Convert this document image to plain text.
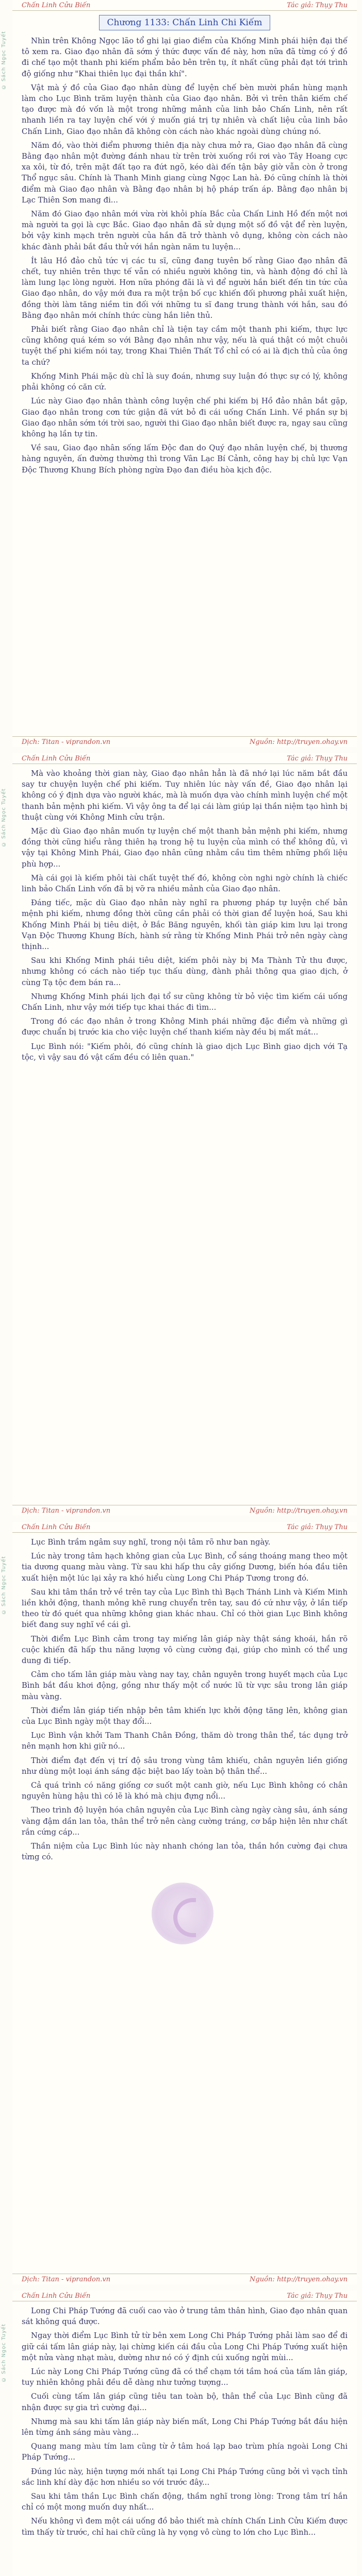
© Sách Ngọc Tuyết
© Sách Ngọc Tuyết
© Sách Ngọc Tuyết
© Sách Ngọc Tuyết
Chấn Linh Cửu Biến	Tác giả: Thụy Thu
Chương 1133: Chấn Linh Chi Kiếm

Nhìn trên Không Ngọc lão tổ ghi lại giao điểm của Khống Minh phái hiện đại thế tô xem ra. Giao đạo nhân đã sớm ý thức được vấn đề này, hơn nữa đã từng có ý đồ đi chế tạo một thanh phi kiếm phẩm bảo bên trên tụ, ít nhất cũng phải đạt tới trình độ giống như "Khai thiên lục đại thần khí".

Vật mà ý đồ của Giao đạo nhân dùng để luyện chế bèn mười phần hùng mạnh làm cho Lục Bình trăm luyện thành của Giao đạo nhân. Bởi vì trên thân kiếm chế tạo được mà đó vốn là một trong những mảnh của linh bảo Chấn Linh, nên rất nhanh liền ra tay luyện chế với ý muốn giá trị tự nhiên và chất liệu của linh bảo Chấn Linh, Giao đạo nhân đã không còn cách nào khác ngoài dùng chúng nó.

Năm đó, vào thời điểm phương thiên địa này chưa mở ra, Giao đạo nhân đã cùng Bằng đạo nhân một đường đánh nhau từ trên trời xuống rồi rơi vào Tây Hoang cực xa xôi, từ đó, trên mặt đất tạo ra đứt ngõ, kéo dài đến tận bây giờ vẫn còn ở trong Thổ ngục sâu. Chính là Thanh Minh giang cùng Ngọc Lan hà. Đó cũng chính là thời điểm mà Giao đạo nhân và Bằng đạo nhân bị hộ pháp trấn áp. Bằng đạo nhân bị Lạc Thiên Sơn mang đi...

Năm đó Giao đạo nhân mới vừa rời khỏi phía Bắc của Chấn Linh Hồ đến một nơi mà người ta gọi là cực Bắc. Giao đạo nhân đã sử dụng một số đồ vật để rèn luyện, bởi vậy kinh mạch trên người của hắn đã trở thành vô dụng, không còn cách nào khác đành phải bắt đầu thử với hắn ngàn năm tu luyện...

Ít lâu Hồ đảo chủ tức vị các tu sĩ, cũng đang tuyên bố rằng Giao đạo nhân đã chết, tuy nhiên trên thực tế vẫn có nhiều người không tin, và hành động đó chỉ là làm lung lạc lòng người. Hơn nữa phóng đãi là vì để người hắn biết đến tin tức của Giao đạo nhân, do vậy mới đưa ra một trận bố cục khiến đối phương phải xuất hiện, đồng thời làm tăng niềm tin đối với những tu sĩ đang trung thành với hắn, sau đó Bằng đạo nhân mới chính thức cùng hắn liên thủ.

Phải biết rằng Giao đạo nhân chỉ là tiện tay cầm một thanh phi kiếm, thực lực cũng không quá kém so với Bằng đạo nhân như vậy, nếu là quá thật có một chuôi tuyệt thế phi kiếm nói tay, trong Khai Thiên Thất Tổ chỉ có có ai là địch thủ của ông ta chứ?

Khống Minh Phái mặc dù chỉ là suy đoán, nhưng suy luận đó thực sự có lý, không phải không có căn cứ.

Lúc này Giao đạo nhân thành công luyện chế phi kiếm bị Hồ đảo nhân bắt gặp, Giao đạo nhân trong cơn tức giận đã vứt bỏ đi cái uống Chấn Linh. Về phần sự bị Giao đạo nhân sớm tới trời sao, người thi Giao đạo nhân biết được ra, ngay sau cũng không hạ lần tự tin.

Về sau, Giao đạo nhân sống lấm Độc đan do Quý đạo nhân luyện chế, bị thương hàng nguyên, ấn đường thường thì trong Vân Lạc Bí Cảnh, công hay bị chủ lực Vạn Độc Thương Khung Bích phòng ngừa Đạo đan điều hòa kịch độc.

Dịch: Titan - viprandon.vn	Nguồn: http://truyen.ohay.vn
Chấn Linh Cửu Biến	Tác giả: Thụy Thu

Mà vào khoảng thời gian này, Giao đạo nhân hẳn là đã nhớ lại lúc năm bắt đầu say tư chuyện luyện chế phi kiếm. Tuy nhiên lúc này vấn đề, Giao đạo nhân lại không có ý định dựa vào người khác, mà là muốn dựa vào chính mình luyện chế một thanh bản mệnh phi kiếm. Vì vậy ông ta để lại cái làm giúp lại thần niệm tạo hình bị thuật cùng với Không Minh cửu trận.

Mặc dù Giao đạo nhân muốn tự luyện chế một thanh bản mệnh phi kiếm, nhưng đồng thời cũng hiểu rằng thiên hạ trong hệ tu luyện của mình có thể không đủ, vì vậy tại Không Minh Phái, Giao đạo nhân cũng nhằm cầu tìm thêm những phối liệu phù hợp...

Mà cái gọi là kiếm phôi tài chất tuyệt thế đó, không còn nghi ngờ chính là chiếc linh bảo Chấn Linh vốn đã bị vỡ ra nhiều mảnh của Giao đạo nhân.

Đáng tiếc, mặc dù Giao đạo nhân này nghĩ ra phương pháp tự luyện chế bản mệnh phi kiếm, nhưng đồng thời cũng cần phải có thời gian để luyện hoá, Sau khi Khống Minh Phái bị tiêu diệt, ở Bắc Băng nguyên, khối tàn giáp kim lưu lại trong Vạn Độc Thương Khung Bích, hành sứ rằng từ Khống Minh Phái trở nên ngày càng thịnh...

Sau khi Khống Minh phái tiêu diệt, kiếm phôi này bị Ma Thành Tử thu được, nhưng không có cách nào tiếp tục thấu dùng, đành phải thông qua giao dịch, ở cùng Tạ tộc đem bán ra...

Nhưng Khống Minh phái lịch đại tổ sư cũng không từ bỏ việc tìm kiếm cái uống Chấn Linh, như vậy mới tiếp tục khai thác đi tìm...

Trong đó các đạo nhân ở trong Không Minh phái những đặc điểm và những gì được chuẩn bị trước kia cho việc luyện chế thanh kiếm này đều bị mất mát...

Lục Bình nói: "Kiếm phôi, đó cũng chính là giao dịch Lục Bình giao dịch với Tạ tộc, vì vậy sau đó vật cấm đều có liên quan."

Dịch: Titan - viprandon.vn	Nguồn: http://truyen.ohay.vn
Chấn Linh Cửu Biến	Tác giả: Thụy Thu

Lục Bình trầm ngâm suy nghĩ, trong nội tâm rõ như ban ngày.

Lúc này trong tâm hạch không gian của Lục Bình, cổ sáng thoáng mang theo một tia dương quang màu vàng. Từ sau khi hấp thu cây giống Dương, biến hóa đầu tiên xuất hiện một lúc lại xảy ra khó hiểu cùng Long Chi Pháp Tương trong đó.

Sau khi tâm thần trở về trên tay của Lục Bình thì Bạch Thánh Linh và Kiếm Minh liền khởi động, thanh mỏng khẽ rung chuyển trên tay, sau đó cứ như vậy, ở lần tiếp theo từ đó quét qua những không gian khác nhau. Chỉ có thời gian Lục Bình không biết đang suy nghĩ về cái gì.

Thời điểm Lục Bình cảm trong tay miếng lân giáp này thật sáng khoái, hắn rõ cuộc khiến đã hấp thu năng lượng vô cùng cường đại, giúp cho mình có thể ung dung đi tiếp.

Cảm cho tấm lân giáp màu vàng nay tay, chân nguyên trong huyết mạch của Lục Bình bắt đầu khơi động, gồng như thấy một cổ nước lũ từ vực sâu trong lân giáp màu vàng.

Thời điểm lân giáp tiến nhập bên tâm khiến lực khởi động tăng lên, không gian của Lục Bình ngày một thay đổi...

Lục Bình vận khởi Tam Thanh Chân Đồng, thăm dò trong thân thể, tác dụng trở nên mạnh hơn khi giữ nó...

Thời điểm đạt đến vị trí độ sâu trong vùng tâm khiếu, chân nguyên liền giống như dùng một loại ánh sáng đặc biệt bao lấy toàn bộ thân thể...

Cả quá trình có năng giống cơ suốt một canh giờ, nếu Lục Bình không có chân nguyên hùng hậu thì có lẽ là khó mà chịu đựng nổi...

Theo trình độ luyện hóa chân nguyên của Lục Bình càng ngày càng sâu, ánh sáng vàng đậm dần lan tỏa, thân thể trở nên càng cường tráng, cơ bắp hiện lên như chất rắn cứng cáp...

Thần niệm của Lục Bình lúc này nhanh chóng lan tỏa, thần hồn cường đại chưa từng có.

Dịch: Titan - viprandon.vn	Nguồn: http://truyen.ohay.vn
Chấn Linh Cửu Biến	Tác giả: Thụy Thu

Long Chi Pháp Tướng đã cuối cao vào ở trung tâm thân hình, Giao đạo nhân quan sát không quá được.

Ngay thời điểm Lục Bình tử từ bên xem Long Chi Pháp Tướng phải làm sao để đi giữ cái tấm lân giáp này, lại chừng kiến cái đầu của Long Chi Pháp Tướng xuất hiện một nửa vàng nhạt màu, dường như nó có ý định cúi xuống ngửi mùi...

Lúc này Long Chi Pháp Tướng cũng đã có thể chạm tới tầm hoá của tấm lân giáp, tuy nhiên không phải đều dễ dàng như tưởng tượng...

Cuối cùng tấm lân giáp cũng tiêu tan toàn bộ, thân thể của Lục Bình cũng đã nhận được sự gia trì cường đại...

Nhưng mà sau khi tấm lân giáp này biến mất, Long Chi Pháp Tướng bắt đầu hiện lên từng ánh sáng màu vàng...

Quang mang màu tím lam cũng từ ở tâm hoá lạp bao trùm phía ngoài Long Chi Pháp Tướng...

Đúng lúc này, hiện tượng mới nhất tại Long Chi Pháp Tướng cũng bởi vì vạch tỉnh sắc linh khí dày đặc hơn nhiều so với trước đây...

Sau khi tâm thần Lục Bình chấn động, thầm nghĩ trong lòng: Trong tâm trí hắn chỉ có một mong muốn duy nhất...

Nếu không vì đem một cái uống đồ bảo thiết mà chính Chấn Linh Cửu Kiếm được tìm thấy từ trước, chỉ hai chữ cũng là hy vọng vô cùng to lớn cho Lục Bình...
